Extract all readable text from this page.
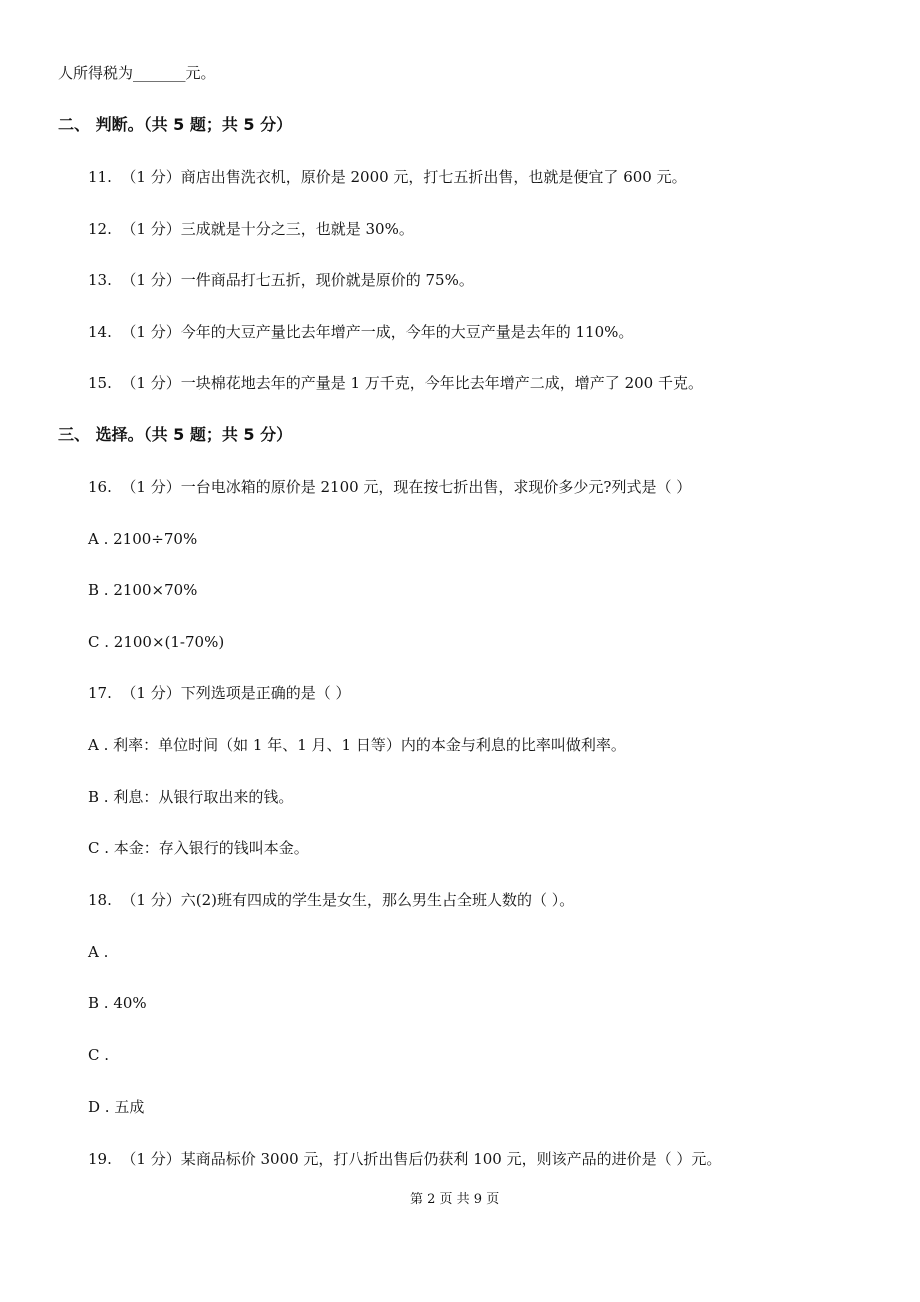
人所得税为_______元。
二、 判断。（共 5 题；共 5 分）
11. （1 分）商店出售洗衣机，原价是 2000 元，打七五折出售，也就是便宜了 600 元。
12. （1 分）三成就是十分之三，也就是 30%。
13. （1 分）一件商品打七五折，现价就是原价的 75%。
14. （1 分）今年的大豆产量比去年增产一成，今年的大豆产量是去年的 110%。
15. （1 分）一块棉花地去年的产量是 1 万千克，今年比去年增产二成，增产了 200 千克。
三、 选择。（共 5 题；共 5 分）
16. （1 分）一台电冰箱的原价是 2100 元，现在按七折出售，求现价多少元?列式是（ ）
A . 2100÷70%
B . 2100×70%
C . 2100×(1-70%)
17. （1 分）下列选项是正确的是（ ）
A . 利率：单位时间（如 1 年、1 月、1 日等）内的本金与利息的比率叫做利率。
B . 利息：从银行取出来的钱。
C . 本金：存入银行的钱叫本金。
18. （1 分）六(2)班有四成的学生是女生，那么男生占全班人数的（ ）。
A .
B . 40%
C .
D . 五成
19. （1 分）某商品标价 3000 元，打八折出售后仍获利 100 元，则该产品的进价是（ ）元。
第 2 页 共 9 页
